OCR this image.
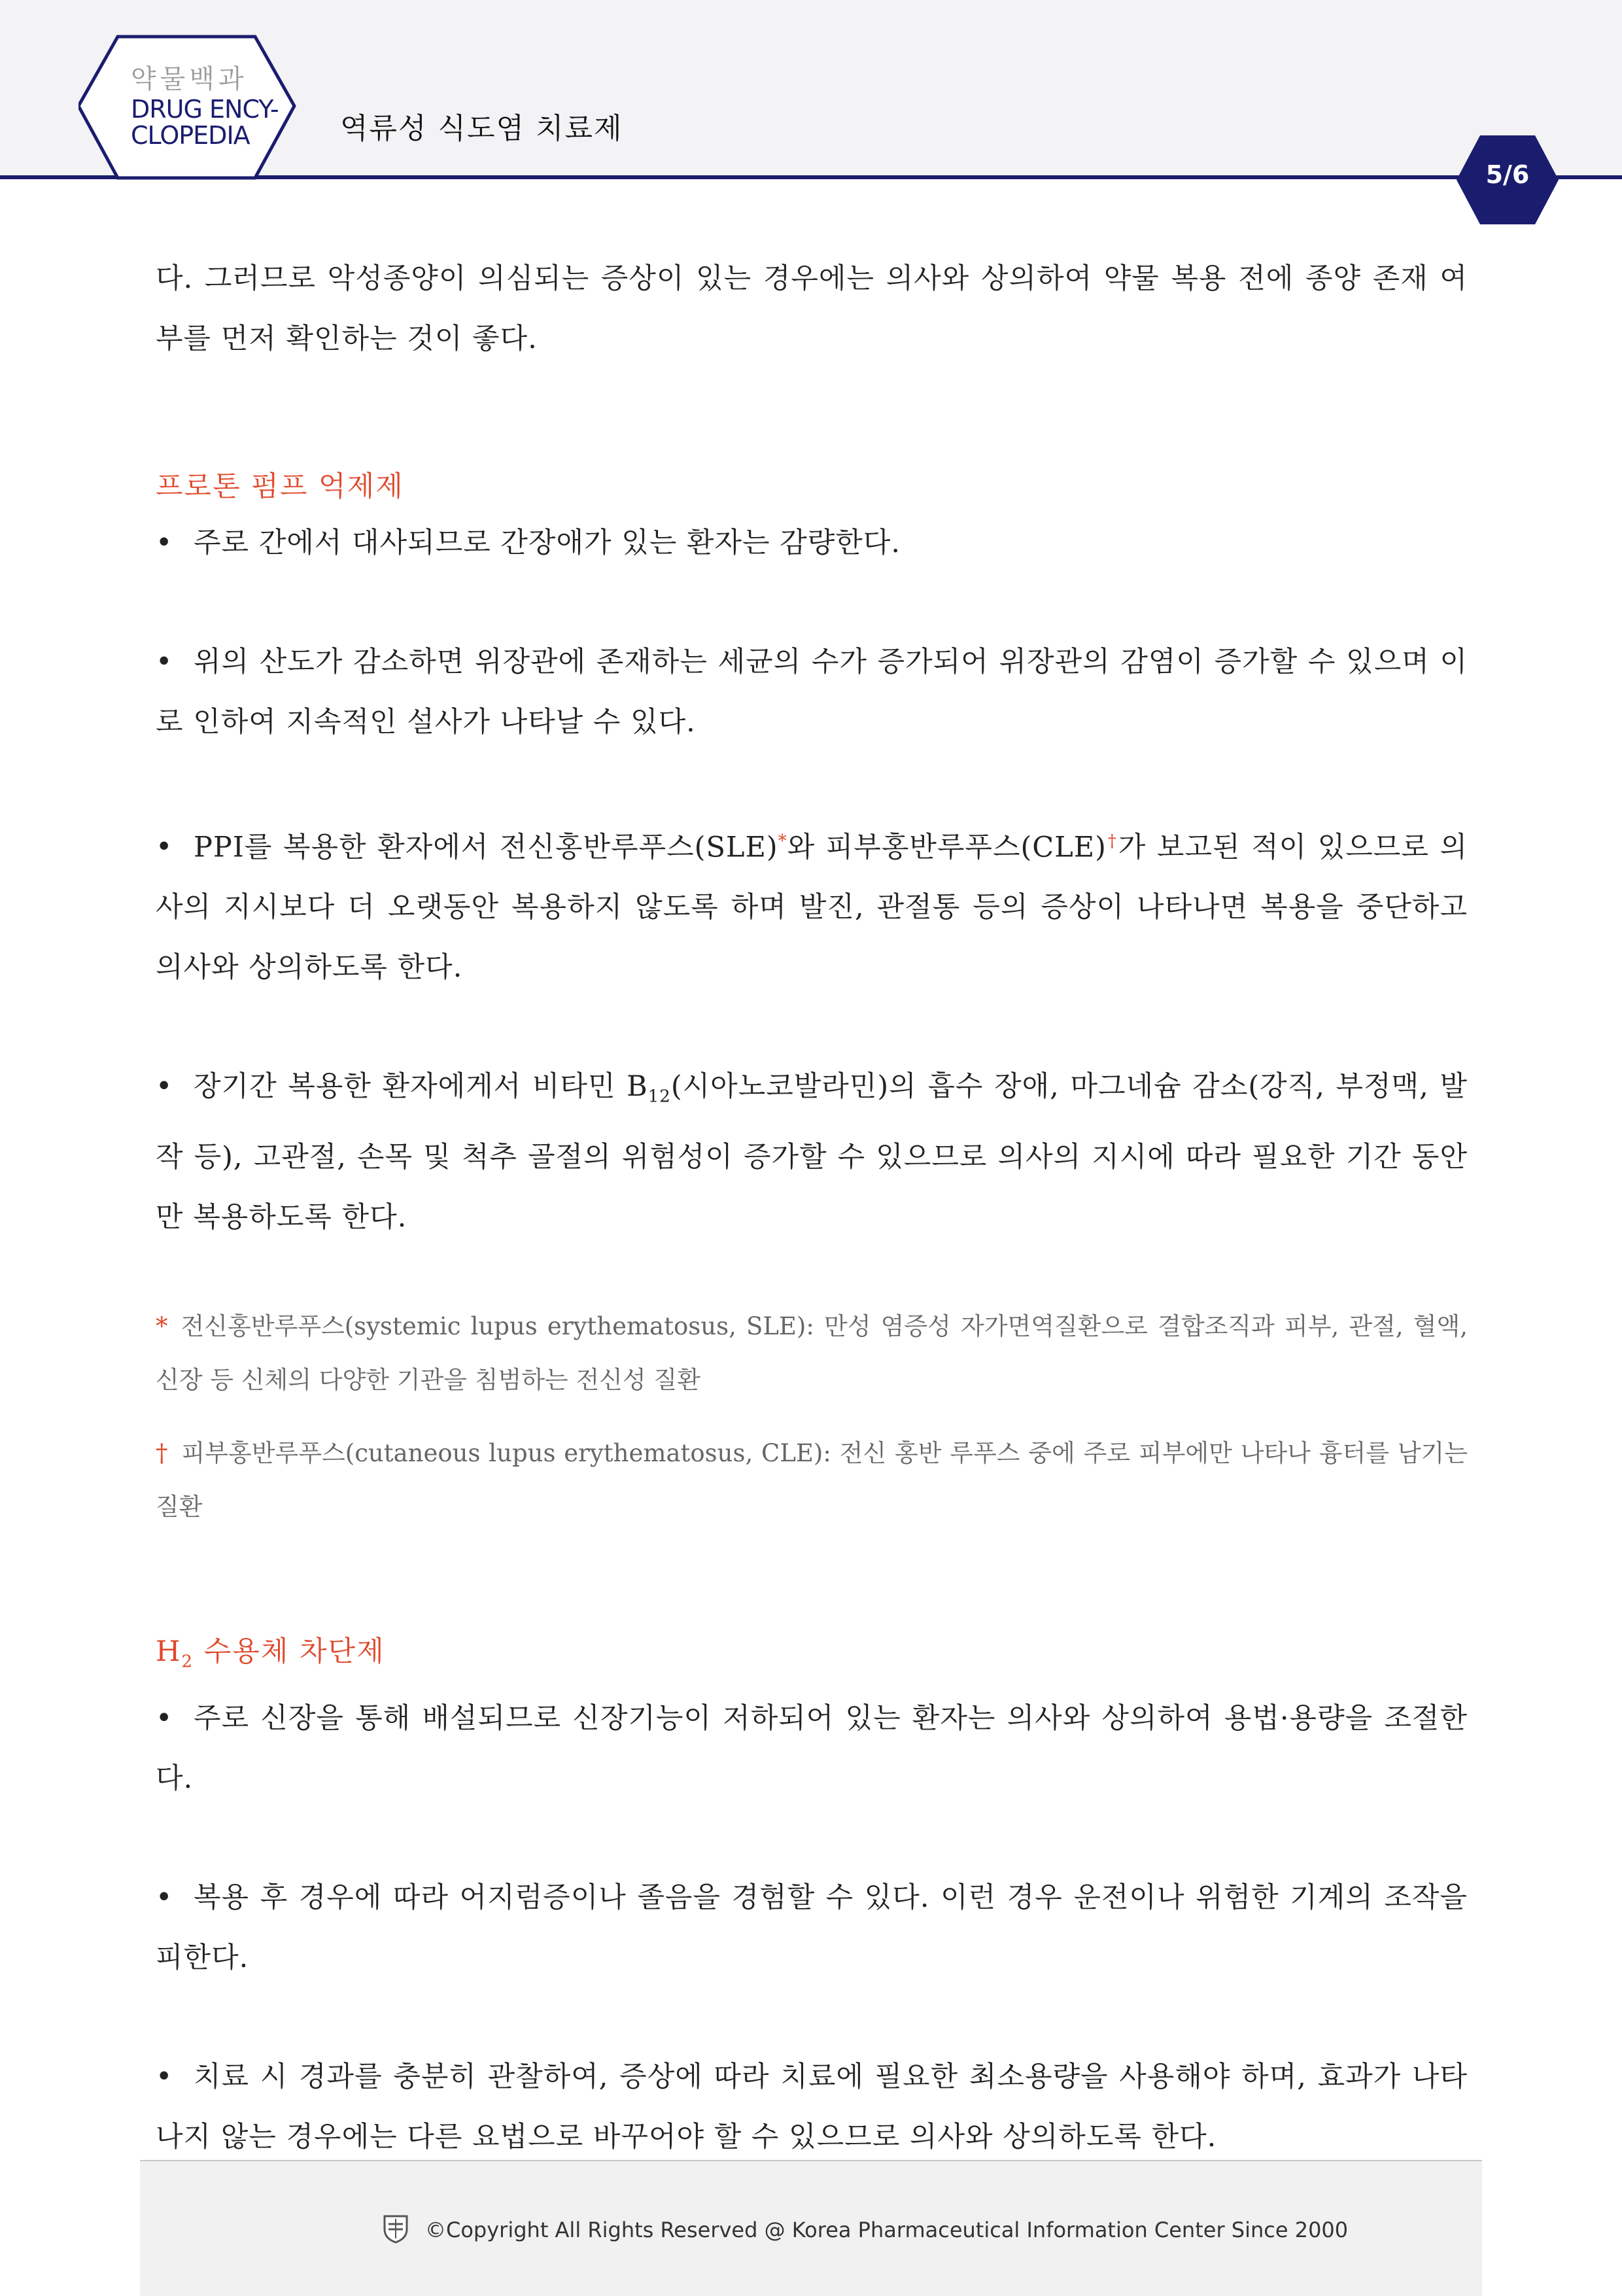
약물백과
DRUG ENCY-
CLOPEDIA	역류성 식도염 치료제
5/6

다. 그러므로 악성종양이 의심되는 증상이 있는 경우에는 의사와 상의하여 약물 복용 전에 종양 존재 여부를 먼저 확인하는 것이 좋다.

프로톤 펌프 억제제

• 주로 간에서 대사되므로 간장애가 있는 환자는 감량한다.

• 위의 산도가 감소하면 위장관에 존재하는 세균의 수가 증가되어 위장관의 감염이 증가할 수 있으며 이로 인하여 지속적인 설사가 나타날 수 있다.

• PPI를 복용한 환자에서 전신홍반루푸스(SLE)*와 피부홍반루푸스(CLE)†가 보고된 적이 있으므로 의사의 지시보다 더 오랫동안 복용하지 않도록 하며 발진, 관절통 등의 증상이 나타나면 복용을 중단하고 의사와 상의하도록 한다.

• 장기간 복용한 환자에게서 비타민 $B_{12}$(시아노코발라민)의 흡수 장애, 마그네슘 감소(강직, 부정맥, 발작 등), 고관절, 손목 및 척추 골절의 위험성이 증가할 수 있으므로 의사의 지시에 따라 필요한 기간 동안만 복용하도록 한다.

* 전신홍반루푸스(systemic lupus erythematosus, SLE): 만성 염증성 자가면역질환으로 결합조직과 피부, 관절, 혈액, 신장 등 신체의 다양한 기관을 침범하는 전신성 질환

† 피부홍반루푸스(cutaneous lupus erythematosus, CLE): 전신 홍반 루푸스 중에 주로 피부에만 나타나 흉터를 남기는 질환

$H_2$ 수용체 차단제

• 주로 신장을 통해 배설되므로 신장기능이 저하되어 있는 환자는 의사와 상의하여 용법·용량을 조절한다.

• 복용 후 경우에 따라 어지럼증이나 졸음을 경험할 수 있다. 이런 경우 운전이나 위험한 기계의 조작을 피한다.

• 치료 시 경과를 충분히 관찰하여, 증상에 따라 치료에 필요한 최소용량을 사용해야 하며, 효과가 나타나지 않는 경우에는 다른 요법으로 바꾸어야 할 수 있으므로 의사와 상의하도록 한다.

©Copyright All Rights Reserved @ Korea Pharmaceutical Information Center Since 2000
